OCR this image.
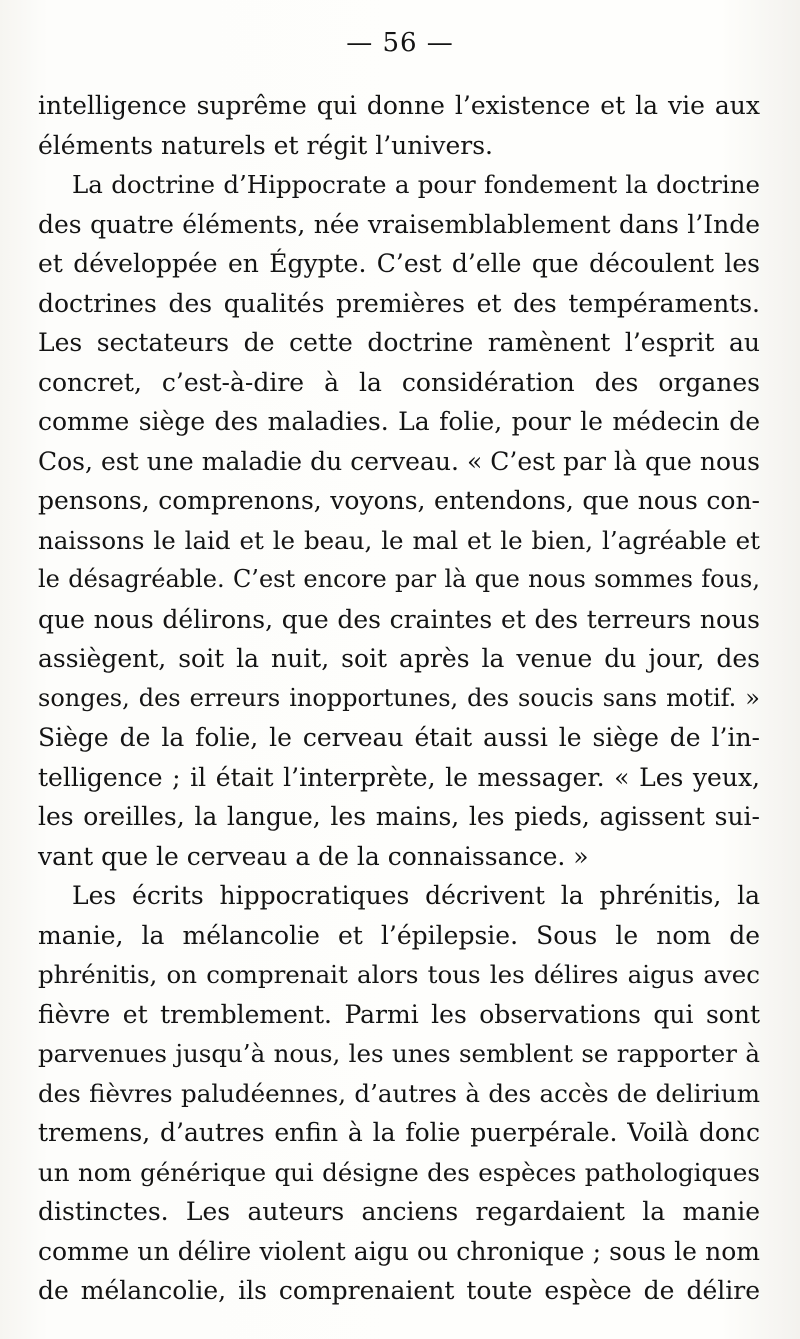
— 56 —
intelligence suprême qui donne l’existence et la vie aux
éléments naturels et régit l’univers.
La doctrine d’Hippocrate a pour fondement la doctrine
des quatre éléments, née vraisemblablement dans l’Inde
et développée en Égypte. C’est d’elle que découlent les
doctrines des qualités premières et des tempéraments.
Les sectateurs de cette doctrine ramènent l’esprit au
concret, c’est-à-dire à la considération des organes
comme siège des maladies. La folie, pour le médecin de
Cos, est une maladie du cerveau. « C’est par là que nous
pensons, comprenons, voyons, entendons, que nous con-
naissons le laid et le beau, le mal et le bien, l’agréable et
le désagréable. C’est encore par là que nous sommes fous,
que nous délirons, que des craintes et des terreurs nous
assiègent, soit la nuit, soit après la venue du jour, des
songes, des erreurs inopportunes, des soucis sans motif. »
Siège de la folie, le cerveau était aussi le siège de l’in-
telligence ; il était l’interprète, le messager. « Les yeux,
les oreilles, la langue, les mains, les pieds, agissent sui-
vant que le cerveau a de la connaissance. »
Les écrits hippocratiques décrivent la phrénitis, la
manie, la mélancolie et l’épilepsie. Sous le nom de
phrénitis, on comprenait alors tous les délires aigus avec
fièvre et tremblement. Parmi les observations qui sont
parvenues jusqu’à nous, les unes semblent se rapporter à
des fièvres paludéennes, d’autres à des accès de delirium
tremens, d’autres enfin à la folie puerpérale. Voilà donc
un nom générique qui désigne des espèces pathologiques
distinctes. Les auteurs anciens regardaient la manie
comme un délire violent aigu ou chronique ; sous le nom
de mélancolie, ils comprenaient toute espèce de délire
